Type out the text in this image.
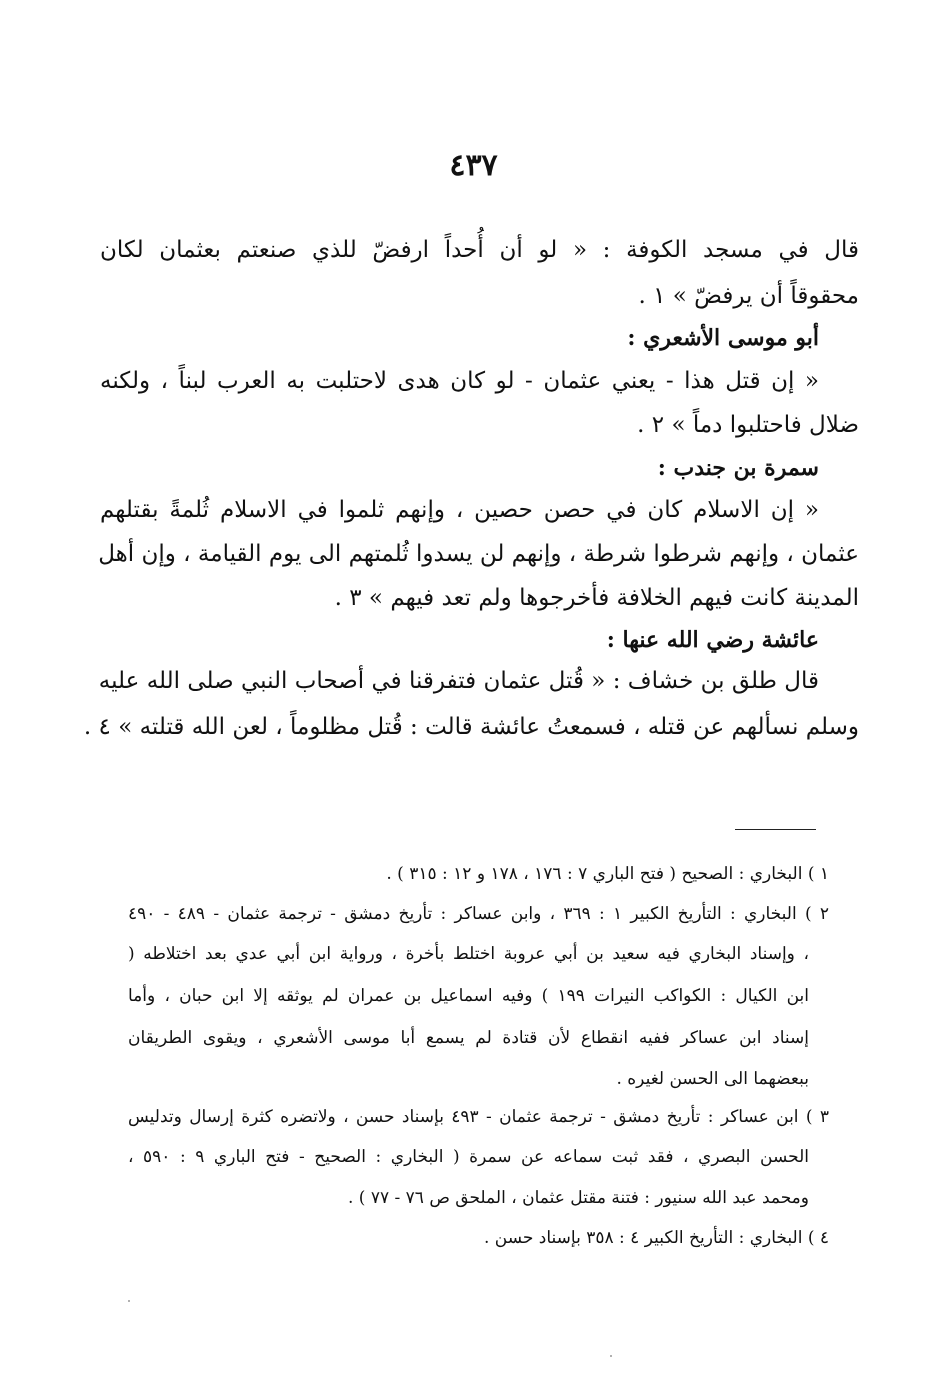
٤٣٧
قال في مسجد الكوفة : « لو أن أُحداً ارفضّ للذي صنعتم بعثمان لكان
محقوقاً أن يرفضّ » ١ .
أبو موسى الأشعري :
« إن قتل هذا - يعني عثمان - لو كان هدى لاحتلبت به العرب لبناً ، ولكنه
ضلال فاحتلبوا دماً » ٢ .
سمرة بن جندب :
« إن الاسلام كان في حصن حصين ، وإنهم ثلموا في الاسلام ثُلمةً بقتلهم
عثمان ، وإنهم شرطوا شرطة ، وإنهم لن يسدوا ثُلمتهم الى يوم القيامة ، وإن أهل
المدينة كانت فيهم الخلافة فأخرجوها ولم تعد فيهم » ٣ .
عائشة رضي الله عنها :
قال طلق بن خشاف : « قُتل عثمان فتفرقنا في أصحاب النبي صلى الله عليه
وسلم نسألهم عن قتله ، فسمعتُ عائشة قالت : قُتل مظلوماً ، لعن الله قتلته » ٤ .
١ ) البخاري : الصحيح ( فتح الباري ٧ : ١٧٦ ، ١٧٨ و ١٢ : ٣١٥ ) .
٢ ) البخاري : التأريخ الكبير ١ : ٣٦٩ ، وابن عساكر : تأريخ دمشق - ترجمة عثمان - ٤٨٩ - ٤٩٠
، وإسناد البخاري فيه سعيد بن أبي عروبة اختلط بأخرة ، ورواية ابن أبي عدي بعد اختلاطه (
ابن الكيال : الكواكب النيرات ١٩٩ ) وفيه اسماعيل بن عمران لم يوثقه إلا ابن حبان ، وأما
إسناد ابن عساكر ففيه انقطاع لأن قتادة لم يسمع أبا موسى الأشعري ، ويقوى الطريقان
ببعضهما الى الحسن لغيره .
٣ ) ابن عساكر : تأريخ دمشق - ترجمة عثمان - ٤٩٣ بإسناد حسن ، ولاتضره كثرة إرسال وتدليس
الحسن البصري ، فقد ثبت سماعه عن سمرة ( البخاري : الصحيح - فتح الباري ٩ : ٥٩٠ ،
ومحمد عبد الله سنيور : فتنة مقتل عثمان ، الملحق ص ٧٦ - ٧٧ ) .
٤ ) البخاري : التأريخ الكبير ٤ : ٣٥٨ بإسناد حسن .
